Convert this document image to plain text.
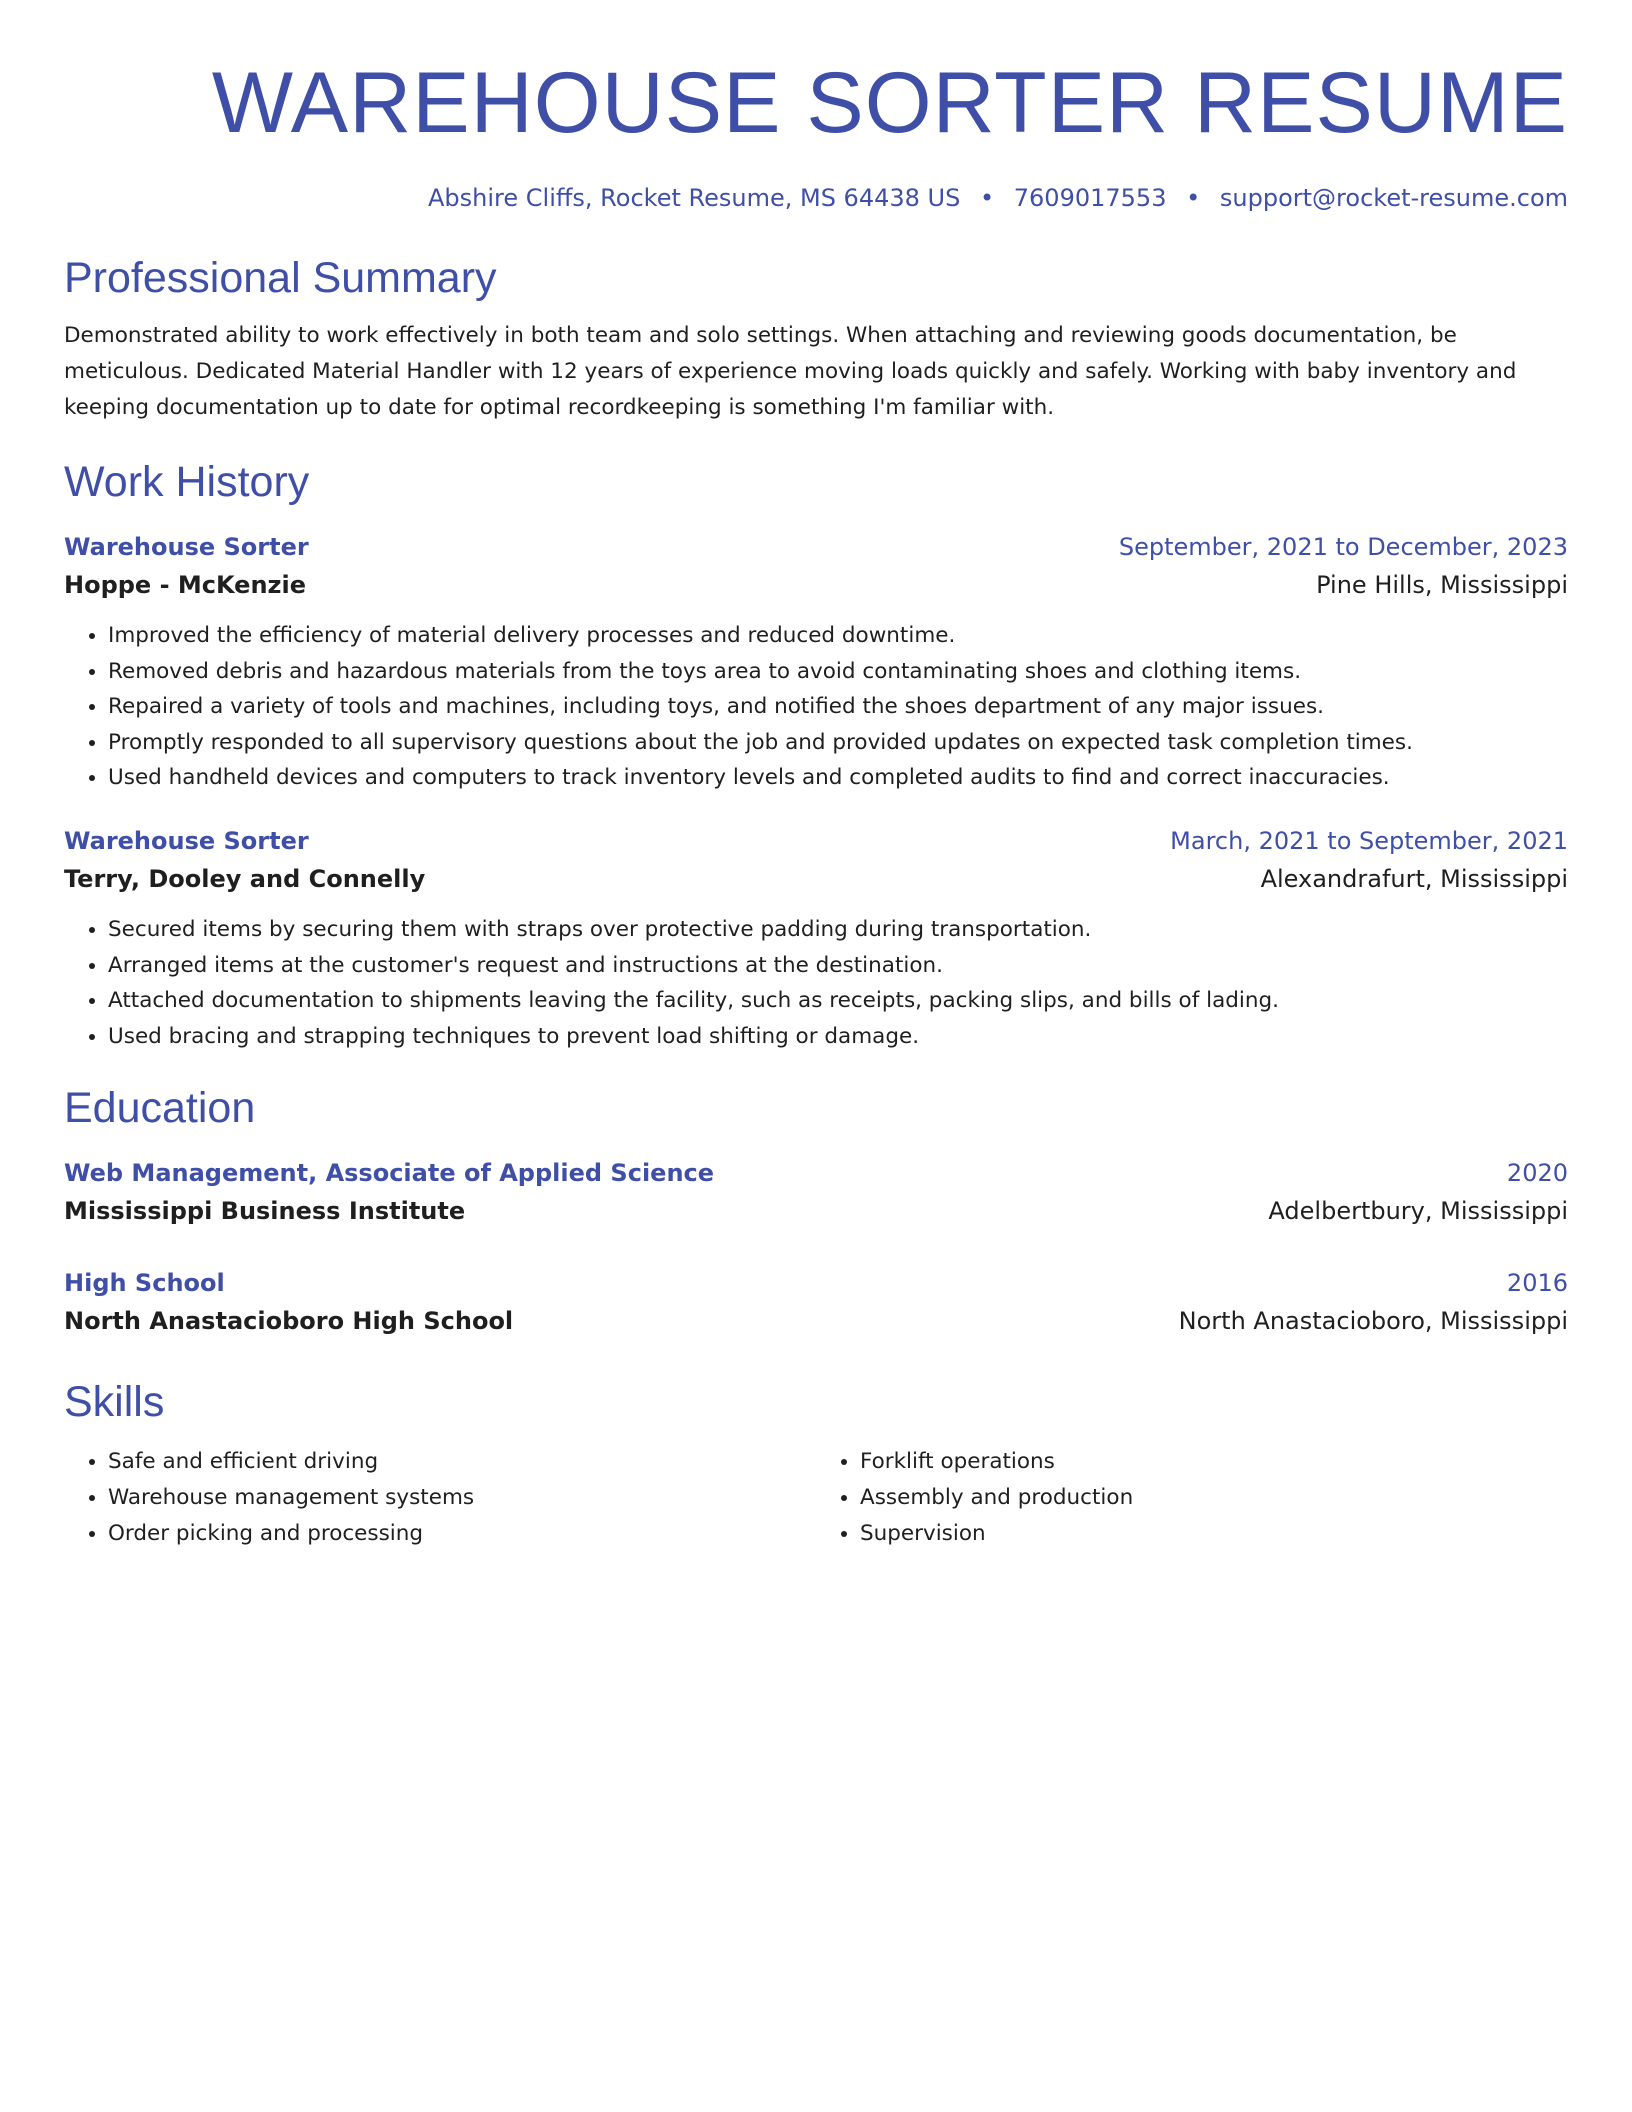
WAREHOUSE SORTER RESUME
Abshire Cliffs, Rocket Resume, MS 64438 US • 7609017553 • support@rocket-resume.com
Professional Summary

Demonstrated ability to work effectively in both team and solo settings. When attaching and reviewing goods documentation, be meticulous. Dedicated Material Handler with 12 years of experience moving loads quickly and safely. Working with baby inventory and keeping documentation up to date for optimal recordkeeping is something I'm familiar with.

Work History
Warehouse Sorter	September, 2021 to December, 2023
Hoppe - McKenzie	Pine Hills, Mississippi
• Improved the efficiency of material delivery processes and reduced downtime.
• Removed debris and hazardous materials from the toys area to avoid contaminating shoes and clothing items.
• Repaired a variety of tools and machines, including toys, and notified the shoes department of any major issues.
• Promptly responded to all supervisory questions about the job and provided updates on expected task completion times.
• Used handheld devices and computers to track inventory levels and completed audits to find and correct inaccuracies.
Warehouse Sorter	March, 2021 to September, 2021
Terry, Dooley and Connelly	Alexandrafurt, Mississippi
• Secured items by securing them with straps over protective padding during transportation.
• Arranged items at the customer's request and instructions at the destination.
• Attached documentation to shipments leaving the facility, such as receipts, packing slips, and bills of lading.
• Used bracing and strapping techniques to prevent load shifting or damage.
Education
Web Management, Associate of Applied Science	2020
Mississippi Business Institute	Adelbertbury, Mississippi
High School	2016
North Anastacioboro High School	North Anastacioboro, Mississippi
Skills
• Safe and efficient driving
• Warehouse management systems
• Order picking and processing
• Forklift operations
• Assembly and production
• Supervision
